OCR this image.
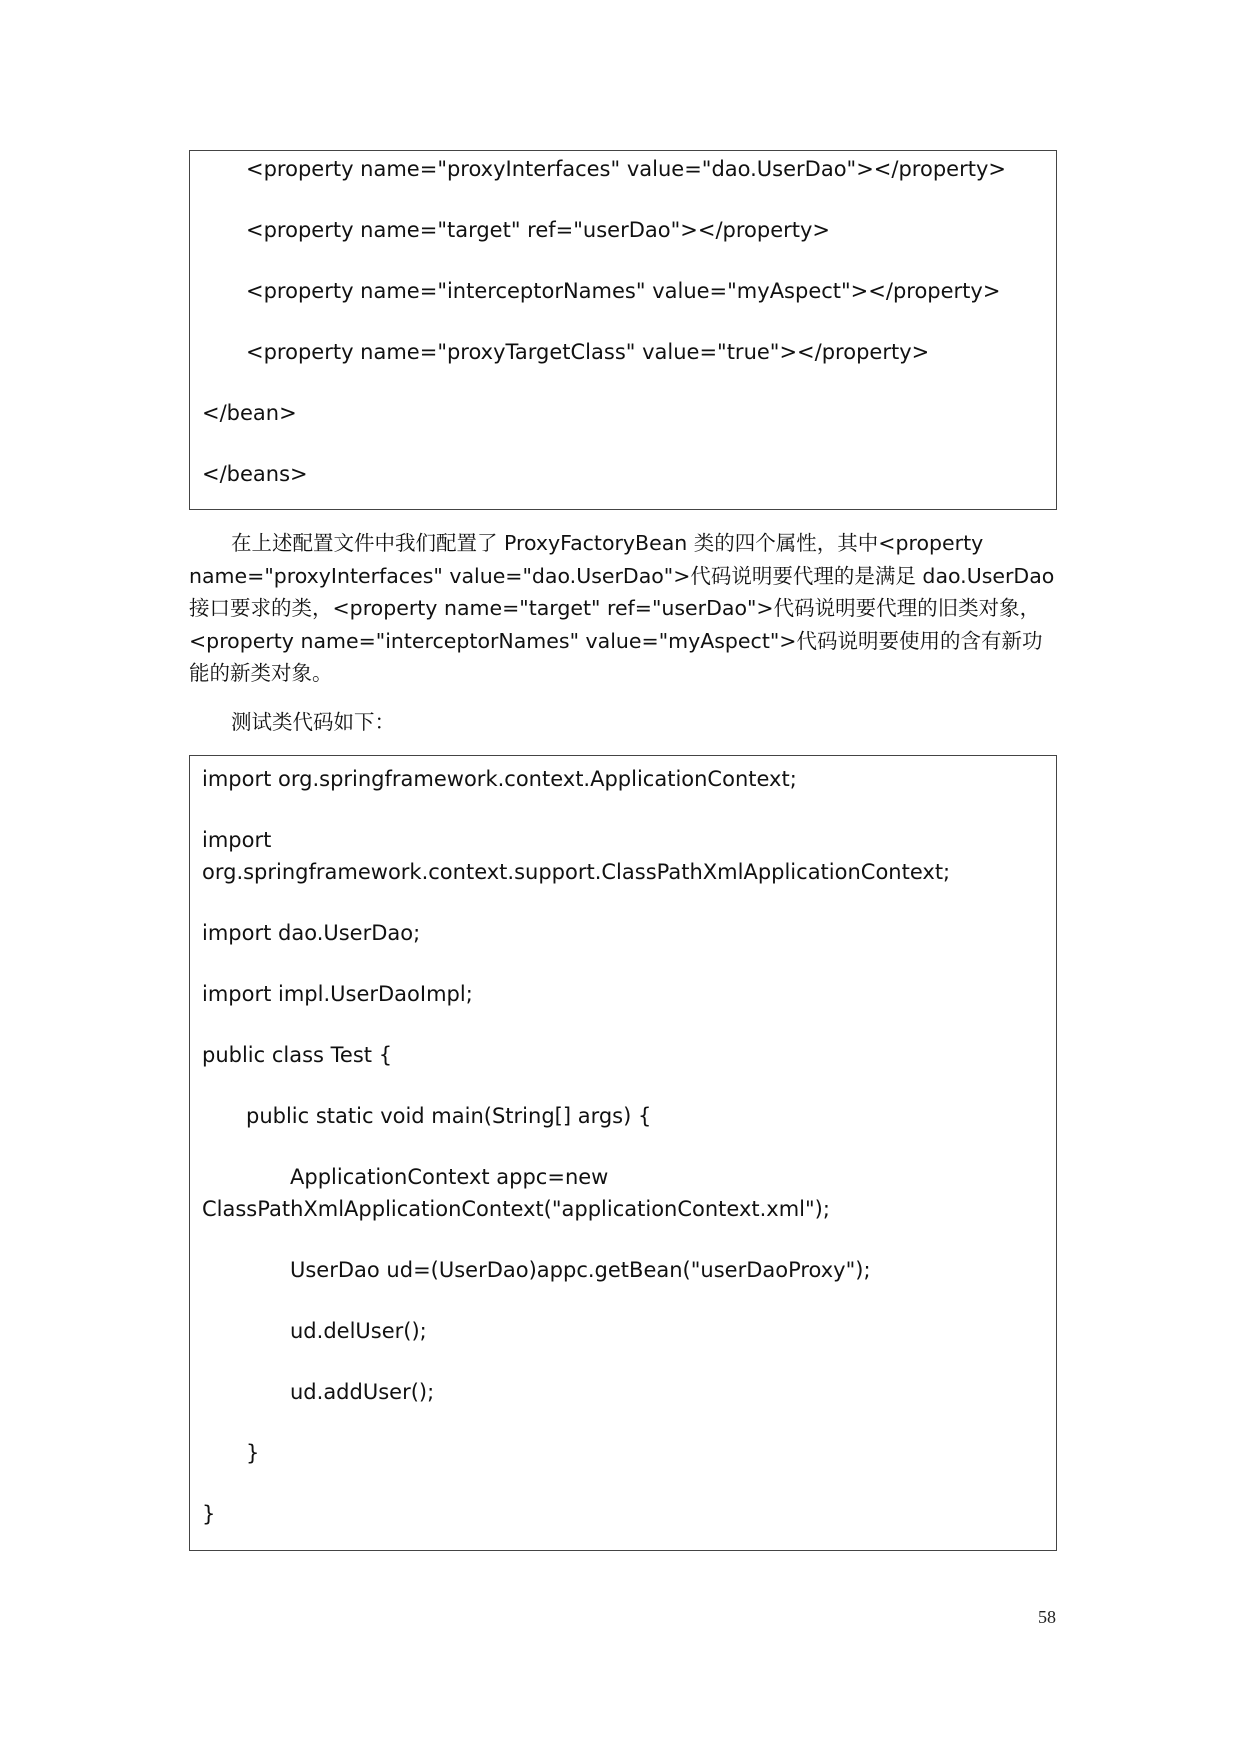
<property name="proxyInterfaces" value="dao.UserDao"></property>

<property name="target" ref="userDao"></property>

<property name="interceptorNames" value="myAspect"></property>

<property name="proxyTargetClass" value="true"></property>

</bean>

</beans>

在上述配置文件中我们配置了 ProxyFactoryBean 类的四个属性，其中<property name="proxyInterfaces" value="dao.UserDao">代码说明要代理的是满足 dao.UserDao 接口要求的类，<property name="target" ref="userDao">代码说明要代理的旧类对象，<property name="interceptorNames" value="myAspect">代码说明要使用的含有新功能的新类对象。

测试类代码如下：

import org.springframework.context.ApplicationContext;

import

org.springframework.context.support.ClassPathXmlApplicationContext;

import dao.UserDao;

import impl.UserDaoImpl;

public class Test {

public static void main(String[] args) {

ApplicationContext appc=new

ClassPathXmlApplicationContext("applicationContext.xml");

UserDao ud=(UserDao)appc.getBean("userDaoProxy");

ud.delUser();

ud.addUser();

}

}

58
